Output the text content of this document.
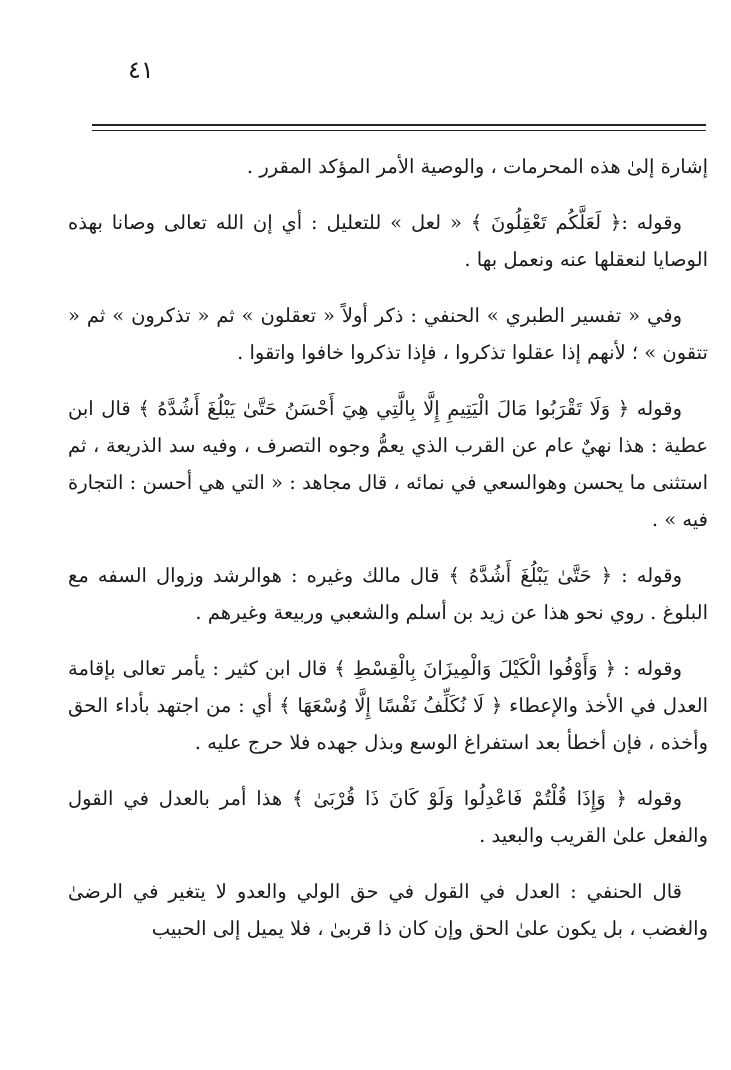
٤١

إشارة إلىٰ هذه المحرمات ، والوصية الأمر المؤكد المقرر .

وقوله :﴿ لَعَلَّكُم تَعْقِلُونَ ﴾ « لعل » للتعليل : أي إن الله تعالى وصانا بهذه الوصايا لنعقلها عنه ونعمل بها .

وفي « تفسير الطبري » الحنفي : ذكر أولاً « تعقلون » ثم « تذكرون » ثم « تتقون » ؛ لأنهم إذا عقلوا تذكروا ، فإذا تذكروا خافوا واتقوا .

وقوله ﴿ وَلَا تَقْرَبُوا مَالَ الْيَتِيمِ إِلَّا بِالَّتِي هِيَ أَحْسَنُ حَتَّىٰ يَبْلُغَ أَشُدَّهُ ﴾ قال ابن عطية : هذا نهيٌ عام عن القرب الذي يعمُّ وجوه التصرف ، وفيه سد الذريعة ، ثم استثنى ما يحسن وهوالسعي في نمائه ، قال مجاهد : « التي هي أحسن : التجارة فيه » .

وقوله : ﴿ حَتَّىٰ يَبْلُغَ أَشُدَّهُ ﴾ قال مالك وغيره : هوالرشد وزوال السفه مع البلوغ . روي نحو هذا عن زيد بن أسلم والشعبي وربيعة وغيرهم .

وقوله : ﴿ وَأَوْفُوا الْكَيْلَ وَالْمِيزَانَ بِالْقِسْطِ ﴾ قال ابن كثير : يأمر تعالى بإقامة العدل في الأخذ والإعطاء ﴿ لَا نُكَلِّفُ نَفْسًا إِلَّا وُسْعَهَا ﴾ أي : من اجتهد بأداء الحق وأخذه ، فإن أخطأ بعد استفراغ الوسع وبذل جهده فلا حرج عليه .

وقوله ﴿ وَإِذَا قُلْتُمْ فَاعْدِلُوا وَلَوْ كَانَ ذَا قُرْبَىٰ ﴾ هذا أمر بالعدل في القول والفعل علىٰ القريب والبعيد .

قال الحنفي : العدل في القول في حق الولي والعدو لا يتغير في الرضىٰ والغضب ، بل يكون علىٰ الحق وإن كان ذا قربىٰ ، فلا يميل إلى الحبيب
